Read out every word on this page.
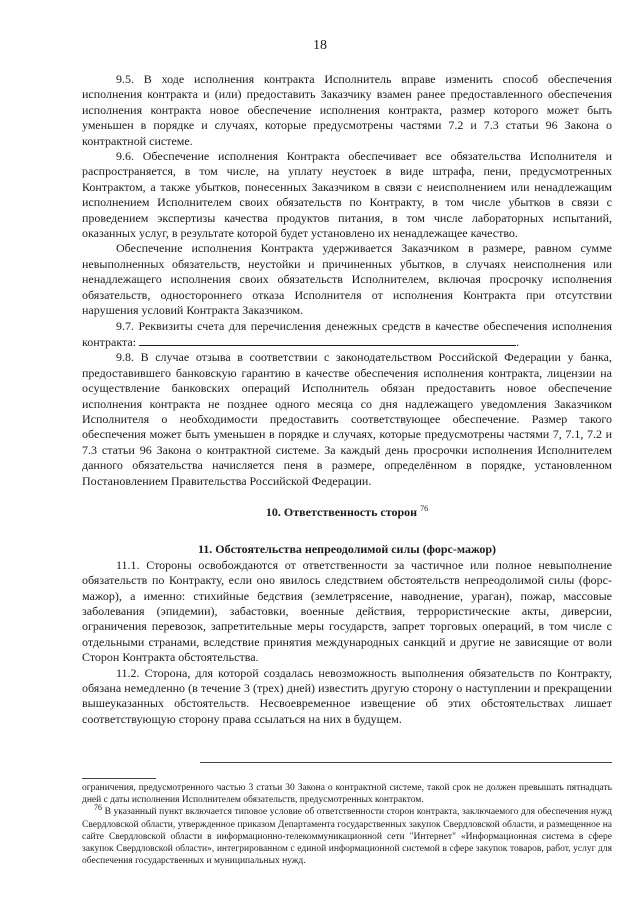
18

9.5. В ходе исполнения контракта Исполнитель вправе изменить способ обеспечения исполнения контракта и (или) предоставить Заказчику взамен ранее предоставленного обеспечения исполнения контракта новое обеспечение исполнения контракта, размер которого может быть уменьшен в порядке и случаях, которые предусмотрены частями 7.2 и 7.3 статьи 96 Закона о контрактной системе.

9.6. Обеспечение исполнения Контракта обеспечивает все обязательства Исполнителя и распространяется, в том числе, на уплату неустоек в виде штрафа, пени, предусмотренных Контрактом, а также убытков, понесенных Заказчиком в связи с неисполнением или ненадлежащим исполнением Исполнителем своих обязательств по Контракту, в том числе убытков в связи с проведением экспертизы качества продуктов питания, в том числе лабораторных испытаний, оказанных услуг, в результате которой будет установлено их ненадлежащее качество.

Обеспечение исполнения Контракта удерживается Заказчиком в размере, равном сумме невыполненных обязательств, неустойки и причиненных убытков, в случаях неисполнения или ненадлежащего исполнения своих обязательств Исполнителем, включая просрочку исполнения обязательств, одностороннего отказа Исполнителя от исполнения Контракта при отсутствии нарушения условий Контракта Заказчиком.

9.7. Реквизиты счета для перечисления денежных средств в качестве обеспечения исполнения контракта:	.

9.8. В случае отзыва в соответствии с законодательством Российской Федерации у банка, предоставившего банковскую гарантию в качестве обеспечения исполнения контракта, лицензии на осуществление банковских операций Исполнитель обязан предоставить новое обеспечение исполнения контракта не позднее одного месяца со дня надлежащего уведомления Заказчиком Исполнителя о необходимости предоставить соответствующее обеспечение. Размер такого обеспечения может быть уменьшен в порядке и случаях, которые предусмотрены частями 7, 7.1, 7.2 и 7.3 статьи 96 Закона о контрактной системе. За каждый день просрочки исполнения Исполнителем данного обязательства начисляется пеня в размере, определённом в порядке, установленном Постановлением Правительства Российской Федерации.

10. Ответственность сторон $^{76}$

11. Обстоятельства непреодолимой силы (форс-мажор)

11.1. Стороны освобождаются от ответственности за частичное или полное невыполнение обязательств по Контракту, если оно явилось следствием обстоятельств непреодолимой силы (форс-мажор), а именно: стихийные бедствия (землетрясение, наводнение, ураган), пожар, массовые заболевания (эпидемии), забастовки, военные действия, террористические акты, диверсии, ограничения перевозок, запретительные меры государств, запрет торговых операций, в том числе с отдельными странами, вследствие принятия международных санкций и другие не зависящие от воли Сторон Контракта обстоятельства.

11.2. Сторона, для которой создалась невозможность выполнения обязательств по Контракту, обязана немедленно (в течение 3 (трех) дней) известить другую сторону о наступлении и прекращении вышеуказанных обстоятельств. Несвоевременное извещение об этих обстоятельствах лишает соответствующую сторону права ссылаться на них в будущем.

ограничения, предусмотренного частью 3 статьи 30 Закона о контрактной системе, такой срок не должен превышать пятнадцать дней с даты исполнения Исполнителем обязательств, предусмотренных контрактом.

$^{76}$ В указанный пункт включается типовое условие об ответственности сторон контракта, заключаемого для обеспечения нужд Свердловской области, утвержденное приказом Департамента государственных закупок Свердловской области, и размещенное на сайте Свердловской области в информационно-телекоммуникационной сети "Интернет" «Информационная система в сфере закупок Свердловской области», интегрированном с единой информационной системой в сфере закупок товаров, работ, услуг для обеспечения государственных и муниципальных нужд.
